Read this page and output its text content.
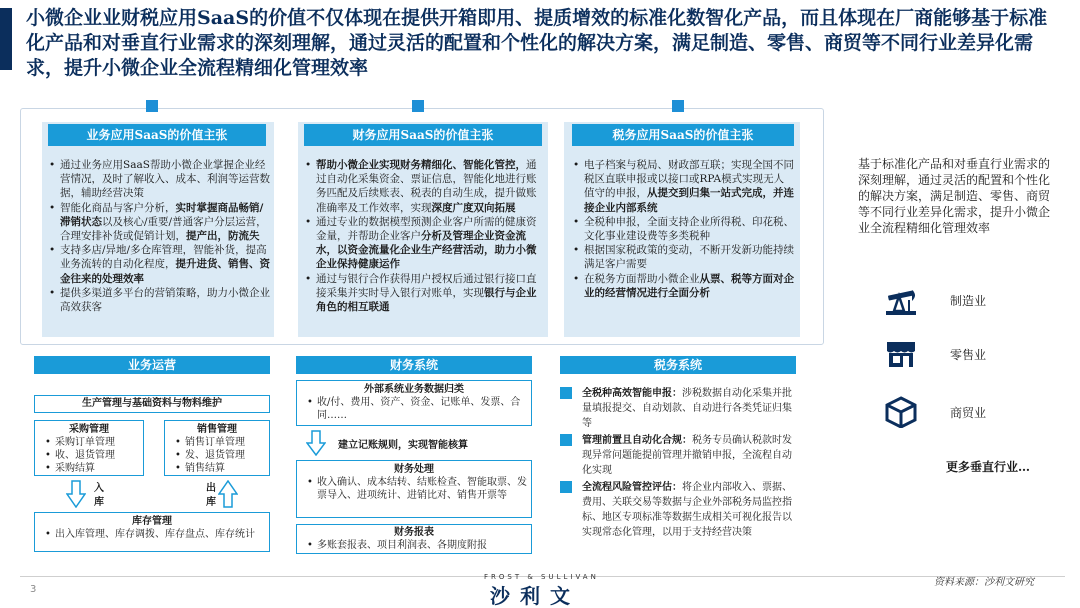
小微企业业财税应用SaaS的价值不仅体现在提供开箱即用、提质增效的标准化数智化产品，而且体现在厂商能够基于标准化产品和对垂直行业需求的深刻理解，通过灵活的配置和个性化的解决方案，满足制造、零售、商贸等不同行业差异化需求，提升小微企业全流程精细化管理效率
业务应用SaaS的价值主张
• 通过业务应用SaaS帮助小微企业掌握企业经营情况，及时了解收入、成本、利润等运营数据，辅助经营决策
• 智能化商品与客户分析，实时掌握商品畅销/滞销状态以及核心/重要/普通客户分层运营，合理安排补货或促销计划，提产出，防流失
• 支持多店/异地/多仓库管理，智能补货，提高业务流转的自动化程度，提升进货、销售、资金往来的处理效率
• 提供多渠道多平台的营销策略，助力小微企业高效获客
财务应用SaaS的价值主张
• 帮助小微企业实现财务精细化、智能化管控，通过自动化采集资金、票证信息，智能化地进行账务匹配及后续账表、税表的自动生成，提升做账准确率及工作效率，实现深度广度双向拓展
• 通过专业的数据模型预测企业客户所需的健康资金量，并帮助企业客户分析及管理企业资金流水，以资金流量化企业生产经营活动，助力小微企业保持健康运作
• 通过与银行合作获得用户授权后通过银行接口直接采集并实时导入银行对账单，实现银行与企业角色的相互联通
税务应用SaaS的价值主张
• 电子档案与税局、财政部互联；实现全国不同税区直联申报或以接口或RPA模式实现无人值守的申报，从提交到归集一站式完成，并连接企业内部系统
• 全税种申报，全面支持企业所得税、印花税、文化事业建设费等多类税种
• 根据国家税政策的变动，不断开发新功能持续满足客户需要
• 在税务方面帮助小微企业从票、税等方面对企业的经营情况进行全面分析
基于标准化产品和对垂直行业需求的深刻理解，通过灵活的配置和个性化的解决方案，满足制造、零售、商贸等不同行业差异化需求，提升小微企业全流程精细化管理效率
制造业
零售业
商贸业
更多垂直行业…
业务运营
生产管理与基础资料与物料维护
采购管理
• 采购订单管理
• 收、退货管理
• 采购结算
销售管理
• 销售订单管理
• 发、退货管理
• 销售结算
入库
出库
库存管理
• 出入库管理、库存调拨、库存盘点、库存统计
财务系统
外部系统业务数据归类
• 收/付、费用、资产、资金、记账单、发票、合同……
建立记账规则，实现智能核算
财务处理
• 收入确认、成本结转、结账检查、智能取票、发票导入、进项统计、进销比对、销售开票等
财务报表
• 多账套报表、项目利润表、各期度附报
税务系统
全税种高效智能申报：涉税数据自动化采集并批量填报提交、自动划款、自动进行各类凭证归集等
管理前置且自动化合规：税务专员确认税款时发现异常问题能提前管理并撤销申报，全流程自动化实现
全流程风险管控评估：将企业内部收入、票据、费用、关联交易等数据与企业外部税务局监控指标、地区专项标准等数据生成相关可视化报告以实现常态化管理，以用于支持经营决策
3
FROST & SULLIVAN
沙利文
资料来源：沙利文研究
